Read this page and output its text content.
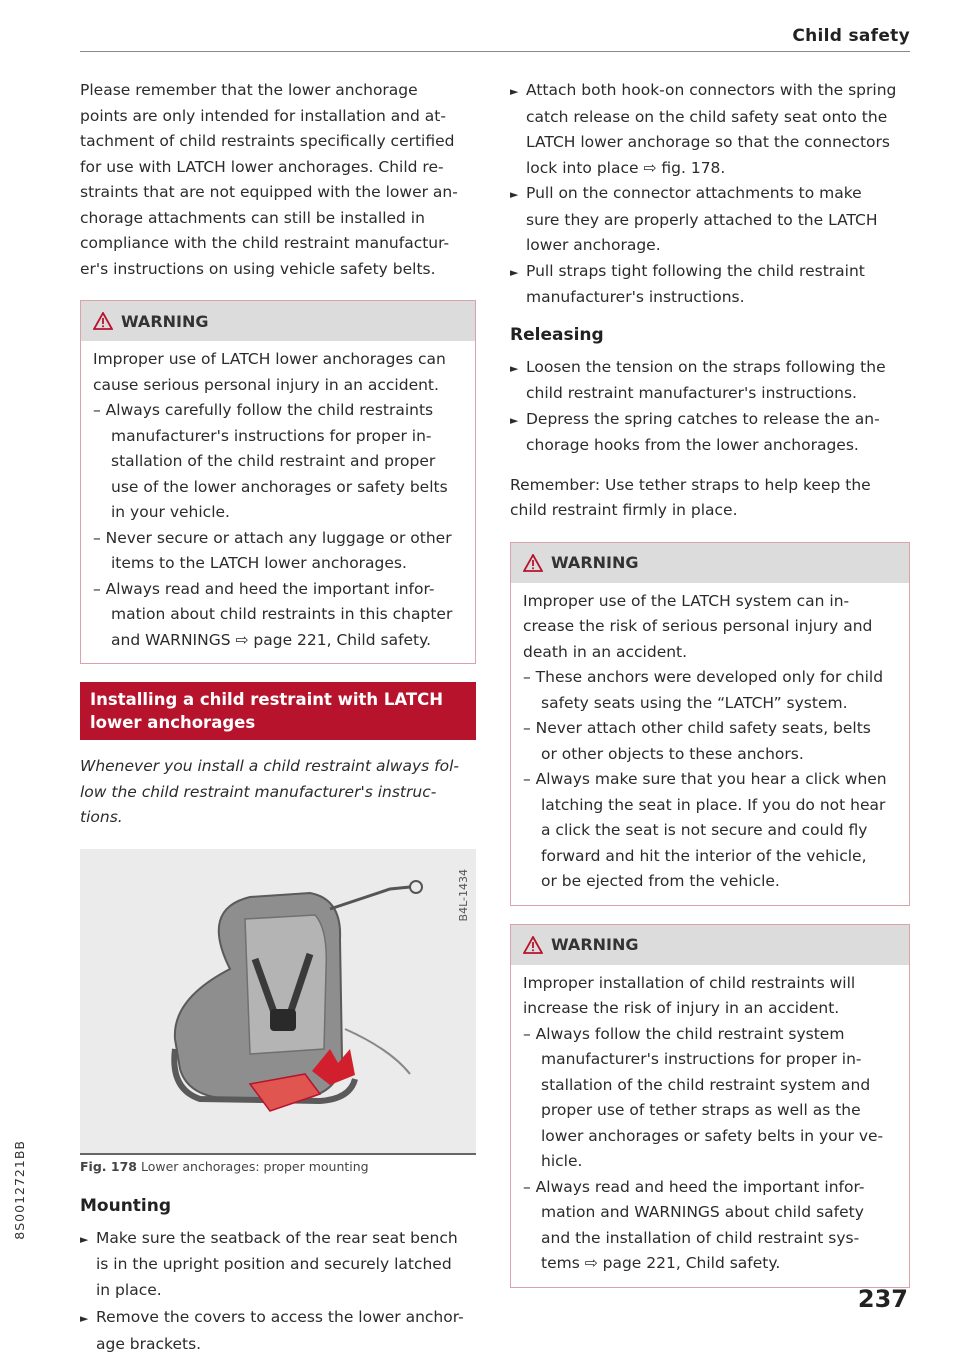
Child safety
8S0012721BB

Please remember that the lower anchorage

points are only intended for installation and at-

tachment of child restraints specifically certified

for use with LATCH lower anchorages. Child re-

straints that are not equipped with the lower an-

chorage attachments can still be installed in

compliance with the child restraint manufactur-

er's instructions on using vehicle safety belts.

WARNING

Improper use of LATCH lower anchorages can

cause serious personal injury in an accident.

– Always carefully follow the child restraints

manufacturer's instructions for proper in-

stallation of the child restraint and proper

use of the lower anchorages or safety belts

in your vehicle.

– Never secure or attach any luggage or other

items to the LATCH lower anchorages.

– Always read and heed the important infor-

mation about child restraints in this chapter

and WARNINGS ⇨ page 221, Child safety.

Installing a child restraint with LATCH
lower anchorages

Whenever you install a child restraint always fol-

low the child restraint manufacturer's instruc-

tions.

B4L-1434
Fig. 178 Lower anchorages: proper mounting
Mounting

► Make sure the seatback of the rear seat bench

is in the upright position and securely latched

in place.

► Remove the covers to access the lower anchor-

age brackets.

► Attach both hook-on connectors with the spring

catch release on the child safety seat onto the

LATCH lower anchorage so that the connectors

lock into place ⇨ fig. 178.

► Pull on the connector attachments to make

sure they are properly attached to the LATCH

lower anchorage.

► Pull straps tight following the child restraint

manufacturer's instructions.

Releasing

► Loosen the tension on the straps following the

child restraint manufacturer's instructions.

► Depress the spring catches to release the an-

chorage hooks from the lower anchorages.

Remember: Use tether straps to help keep the

child restraint firmly in place.

WARNING

Improper use of the LATCH system can in-

crease the risk of serious personal injury and

death in an accident.

– These anchors were developed only for child

safety seats using the “LATCH” system.

– Never attach other child safety seats, belts

or other objects to these anchors.

– Always make sure that you hear a click when

latching the seat in place. If you do not hear

a click the seat is not secure and could fly

forward and hit the interior of the vehicle,

or be ejected from the vehicle.

WARNING

Improper installation of child restraints will

increase the risk of injury in an accident.

– Always follow the child restraint system

manufacturer's instructions for proper in-

stallation of the child restraint system and

proper use of tether straps as well as the

lower anchorages or safety belts in your ve-

hicle.

– Always read and heed the important infor-

mation and WARNINGS about child safety

and the installation of child restraint sys-

tems ⇨ page 221, Child safety.

237
